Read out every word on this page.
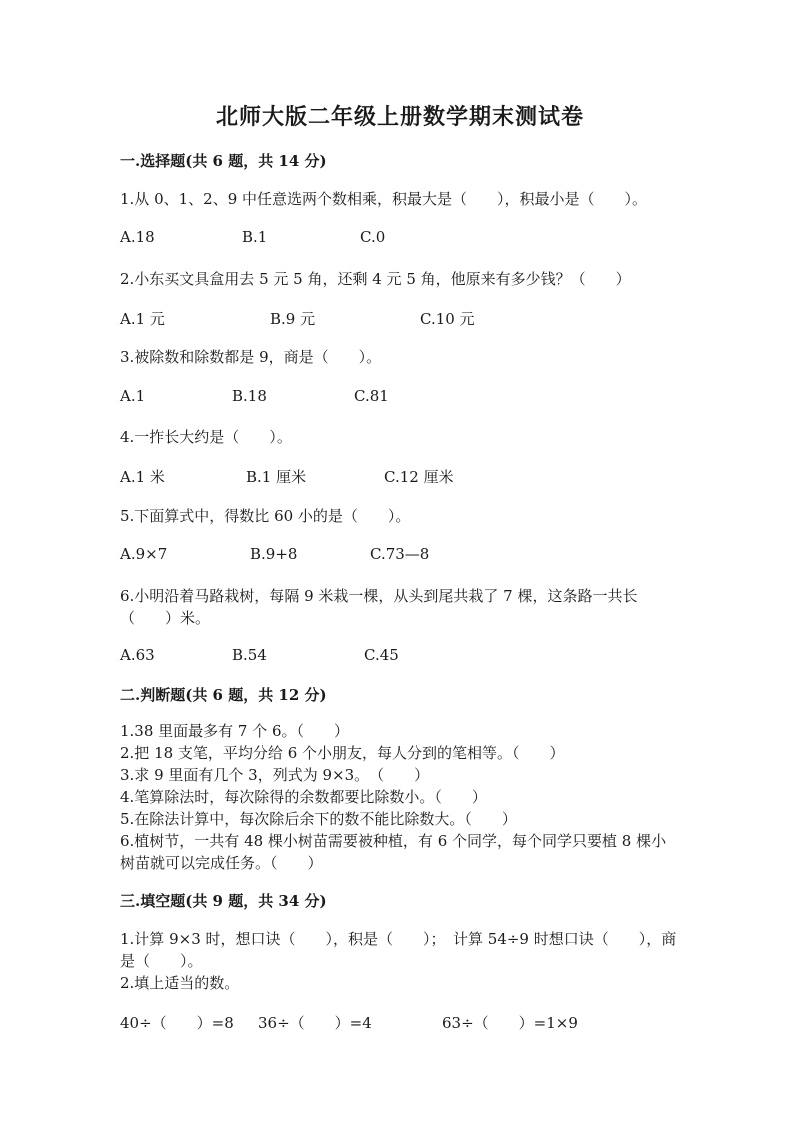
北师大版二年级上册数学期末测试卷
一.选择题(共 6 题，共 14 分)
1.从 0、1、2、9 中任意选两个数相乘，积最大是（　　），积最小是（　　）。
A.18	B.1	C.0
2.小东买文具盒用去 5 元 5 角，还剩 4 元 5 角，他原来有多少钱？（　　）
A.1 元	B.9 元	C.10 元
3.被除数和除数都是 9，商是（　　）。
A.1	B.18	C.81
4.一拃长大约是（　　）。
A.1 米	B.1 厘米	C.12 厘米
5.下面算式中，得数比 60 小的是（　　）。
A.9×7	B.9+8	C.73—8
6.小明沿着马路栽树，每隔 9 米栽一棵，从头到尾共栽了 7 棵，这条路一共长（　　）米。
A.63	B.54	C.45
二.判断题(共 6 题，共 12 分)
1.38 里面最多有 7 个 6。（　　）
2.把 18 支笔，平均分给 6 个小朋友，每人分到的笔相等。（　　）
3.求 9 里面有几个 3，列式为 9×3。　（　　）
4.笔算除法时，每次除得的余数都要比除数小。（　　）
5.在除法计算中，每次除后余下的数不能比除数大。（　　）
6.植树节，一共有 48 棵小树苗需要被种植，有 6 个同学，每个同学只要植 8 棵小树苗就可以完成任务。（　　）
三.填空题(共 9 题，共 34 分)
1.计算 9×3 时，想口诀（　　），积是（　　）；　计算 54÷9 时想口诀（　　），商是（　　）。
2.填上适当的数。
40÷（　　）=8 36÷（　　）=4	63÷（　　）=1×9
